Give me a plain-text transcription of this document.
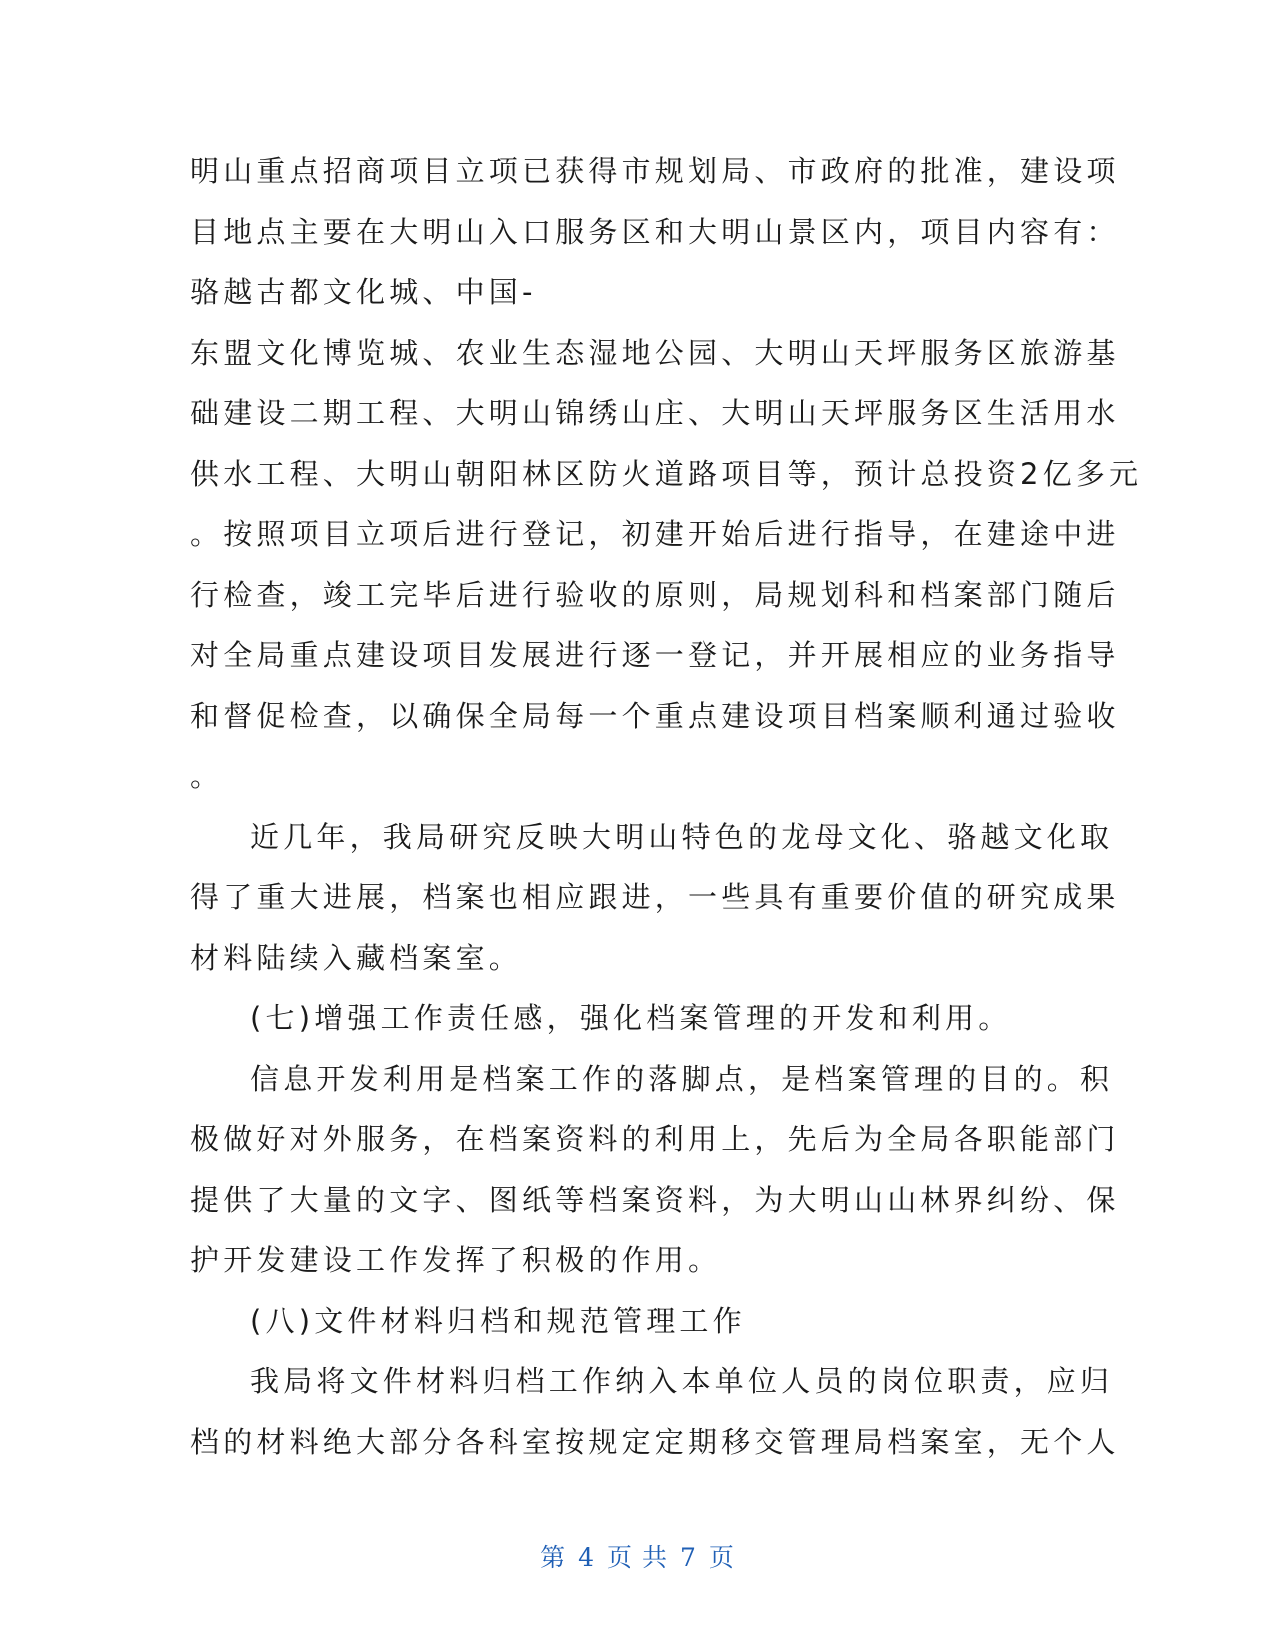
明山重点招商项目立项已获得市规划局、市政府的批准，建设项
目地点主要在大明山入口服务区和大明山景区内，项目内容有：
骆越古都文化城、中国-
东盟文化博览城、农业生态湿地公园、大明山天坪服务区旅游基
础建设二期工程、大明山锦绣山庄、大明山天坪服务区生活用水
供水工程、大明山朝阳林区防火道路项目等，预计总投资2亿多元
。按照项目立项后进行登记，初建开始后进行指导，在建途中进
行检查，竣工完毕后进行验收的原则，局规划科和档案部门随后
对全局重点建设项目发展进行逐一登记，并开展相应的业务指导
和督促检查，以确保全局每一个重点建设项目档案顺利通过验收
。
近几年，我局研究反映大明山特色的龙母文化、骆越文化取
得了重大进展，档案也相应跟进，一些具有重要价值的研究成果
材料陆续入藏档案室。
(七)增强工作责任感，强化档案管理的开发和利用。
信息开发利用是档案工作的落脚点，是档案管理的目的。积
极做好对外服务，在档案资料的利用上，先后为全局各职能部门
提供了大量的文字、图纸等档案资料，为大明山山林界纠纷、保
护开发建设工作发挥了积极的作用。
(八)文件材料归档和规范管理工作
我局将文件材料归档工作纳入本单位人员的岗位职责，应归
档的材料绝大部分各科室按规定定期移交管理局档案室，无个人
第 4 页 共 7 页
